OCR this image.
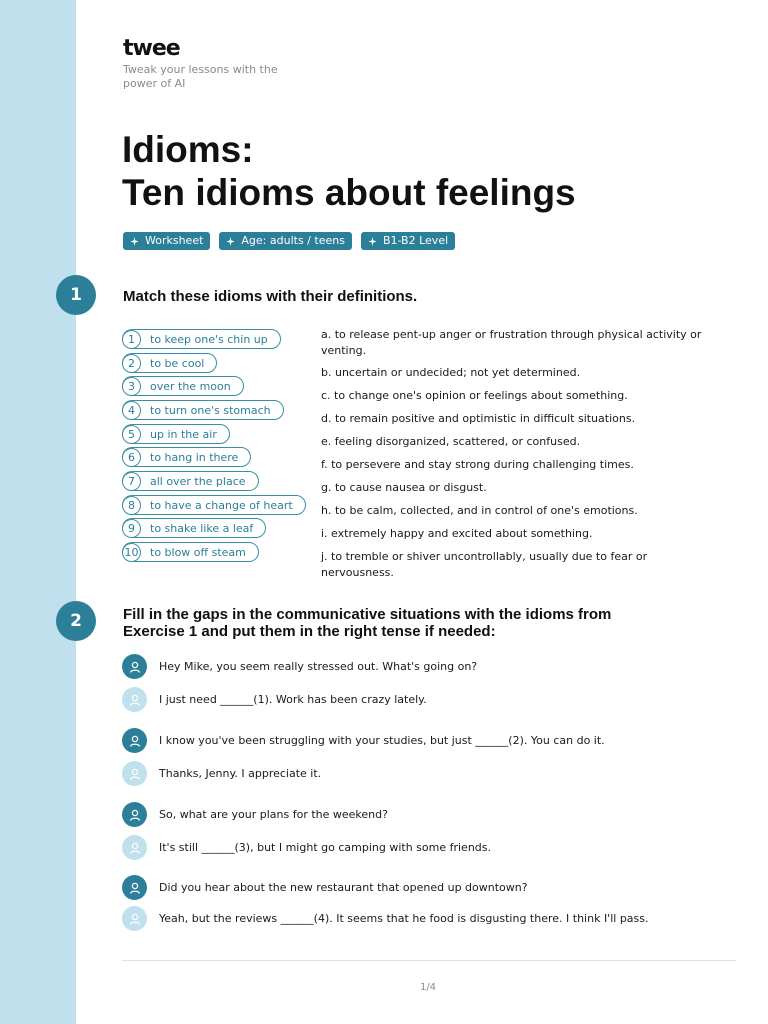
twee
Tweak your lessons with the power of AI
Idioms:
Ten idioms about feelings
Worksheet	Age: adults / teens	B1-B2 Level
1	Match these idioms with their definitions.
1	to keep one's chin up
2	to be cool
3	over the moon
4	to turn one's stomach
5	up in the air
6	to hang in there
7	all over the place
8	to have a change of heart
9	to shake like a leaf
10 to blow off steam
a. to release pent-up anger or frustration through physical activity or venting.
b. uncertain or undecided; not yet determined.
c. to change one's opinion or feelings about something.
d. to remain positive and optimistic in difficult situations.
e. feeling disorganized, scattered, or confused.
f. to persevere and stay strong during challenging times.
g. to cause nausea or disgust.
h. to be calm, collected, and in control of one's emotions.
i. extremely happy and excited about something.
j. to tremble or shiver uncontrollably, usually due to fear or nervousness.
2	Fill in the gaps in the communicative situations with the idioms from Exercise 1 and put them in the right tense if needed:
Hey Mike, you seem really stressed out. What's going on?
I just need ______(1). Work has been crazy lately.
I know you've been struggling with your studies, but just ______(2). You can do it.
Thanks, Jenny. I appreciate it.
So, what are your plans for the weekend?
It's still ______(3), but I might go camping with some friends.
Did you hear about the new restaurant that opened up downtown?
Yeah, but the reviews ______(4). It seems that he food is disgusting there. I think I'll pass.
1/4
